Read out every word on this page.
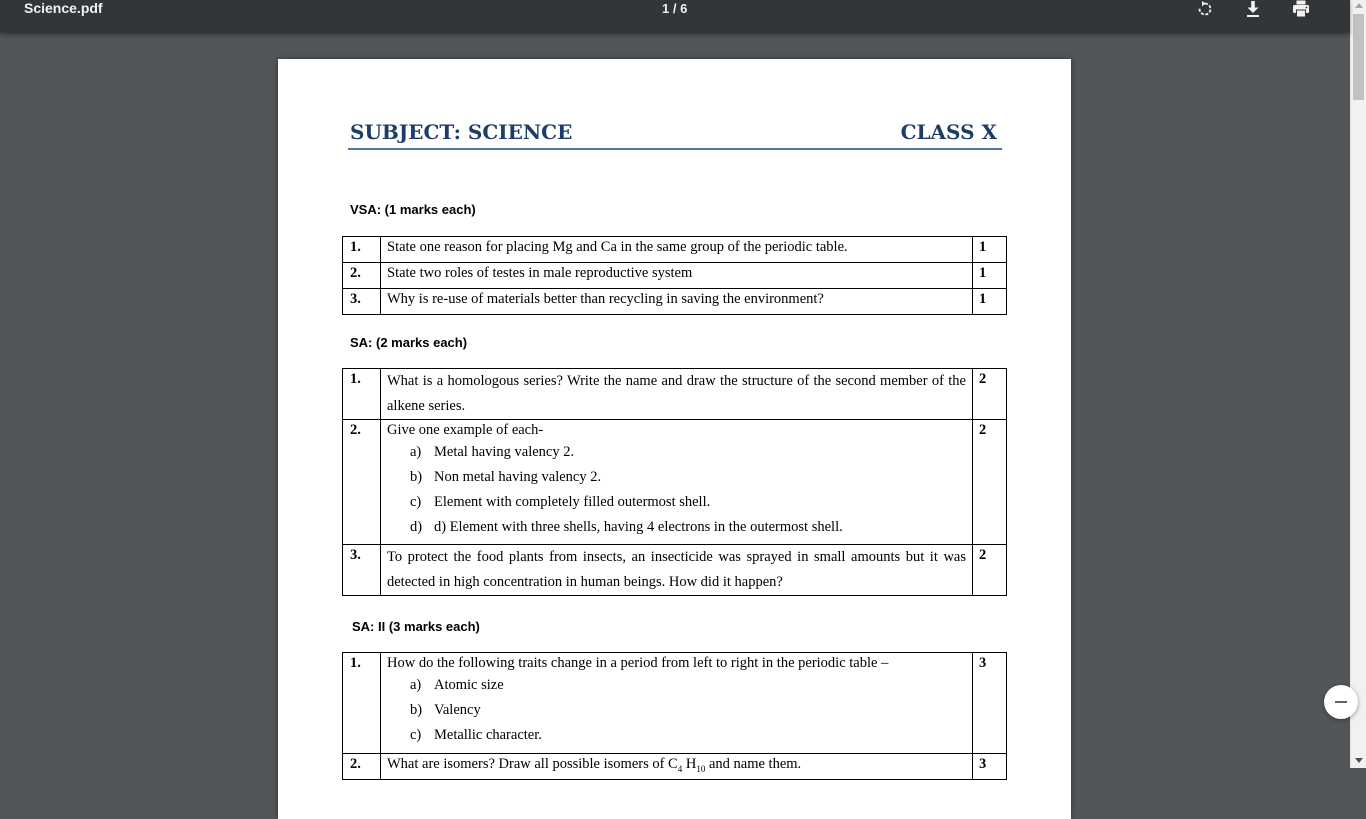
Science.pdf	1 / 6
SUBJECT: SCIENCE	CLASS X
VSA: (1 marks each)
1.	State one reason for placing Mg and Ca in the same group of the periodic table.	1
2.	State two roles of testes in male reproductive system	1
3.	Why is re-use of materials better than recycling in saving the environment?	1
SA: (2 marks each)
1.	What is a homologous series? Write the name and draw the structure of the second member of the alkene series.	2
2.	Give one example of each-
a) Metal having valency 2.
b) Non metal having valency 2.
c) Element with completely filled outermost shell.
d) d) Element with three shells, having 4 electrons in the outermost shell.	2
3.	To protect the food plants from insects, an insecticide was sprayed in small amounts but it was detected in high concentration in human beings. How did it happen?	2
SA: II (3 marks each)
1.	How do the following traits change in a period from left to right in the periodic table –
a) Atomic size
b) Valency
c) Metallic character.	3
2.	What are isomers? Draw all possible isomers of $C_4$ $H_{10}$ and name them.	3
